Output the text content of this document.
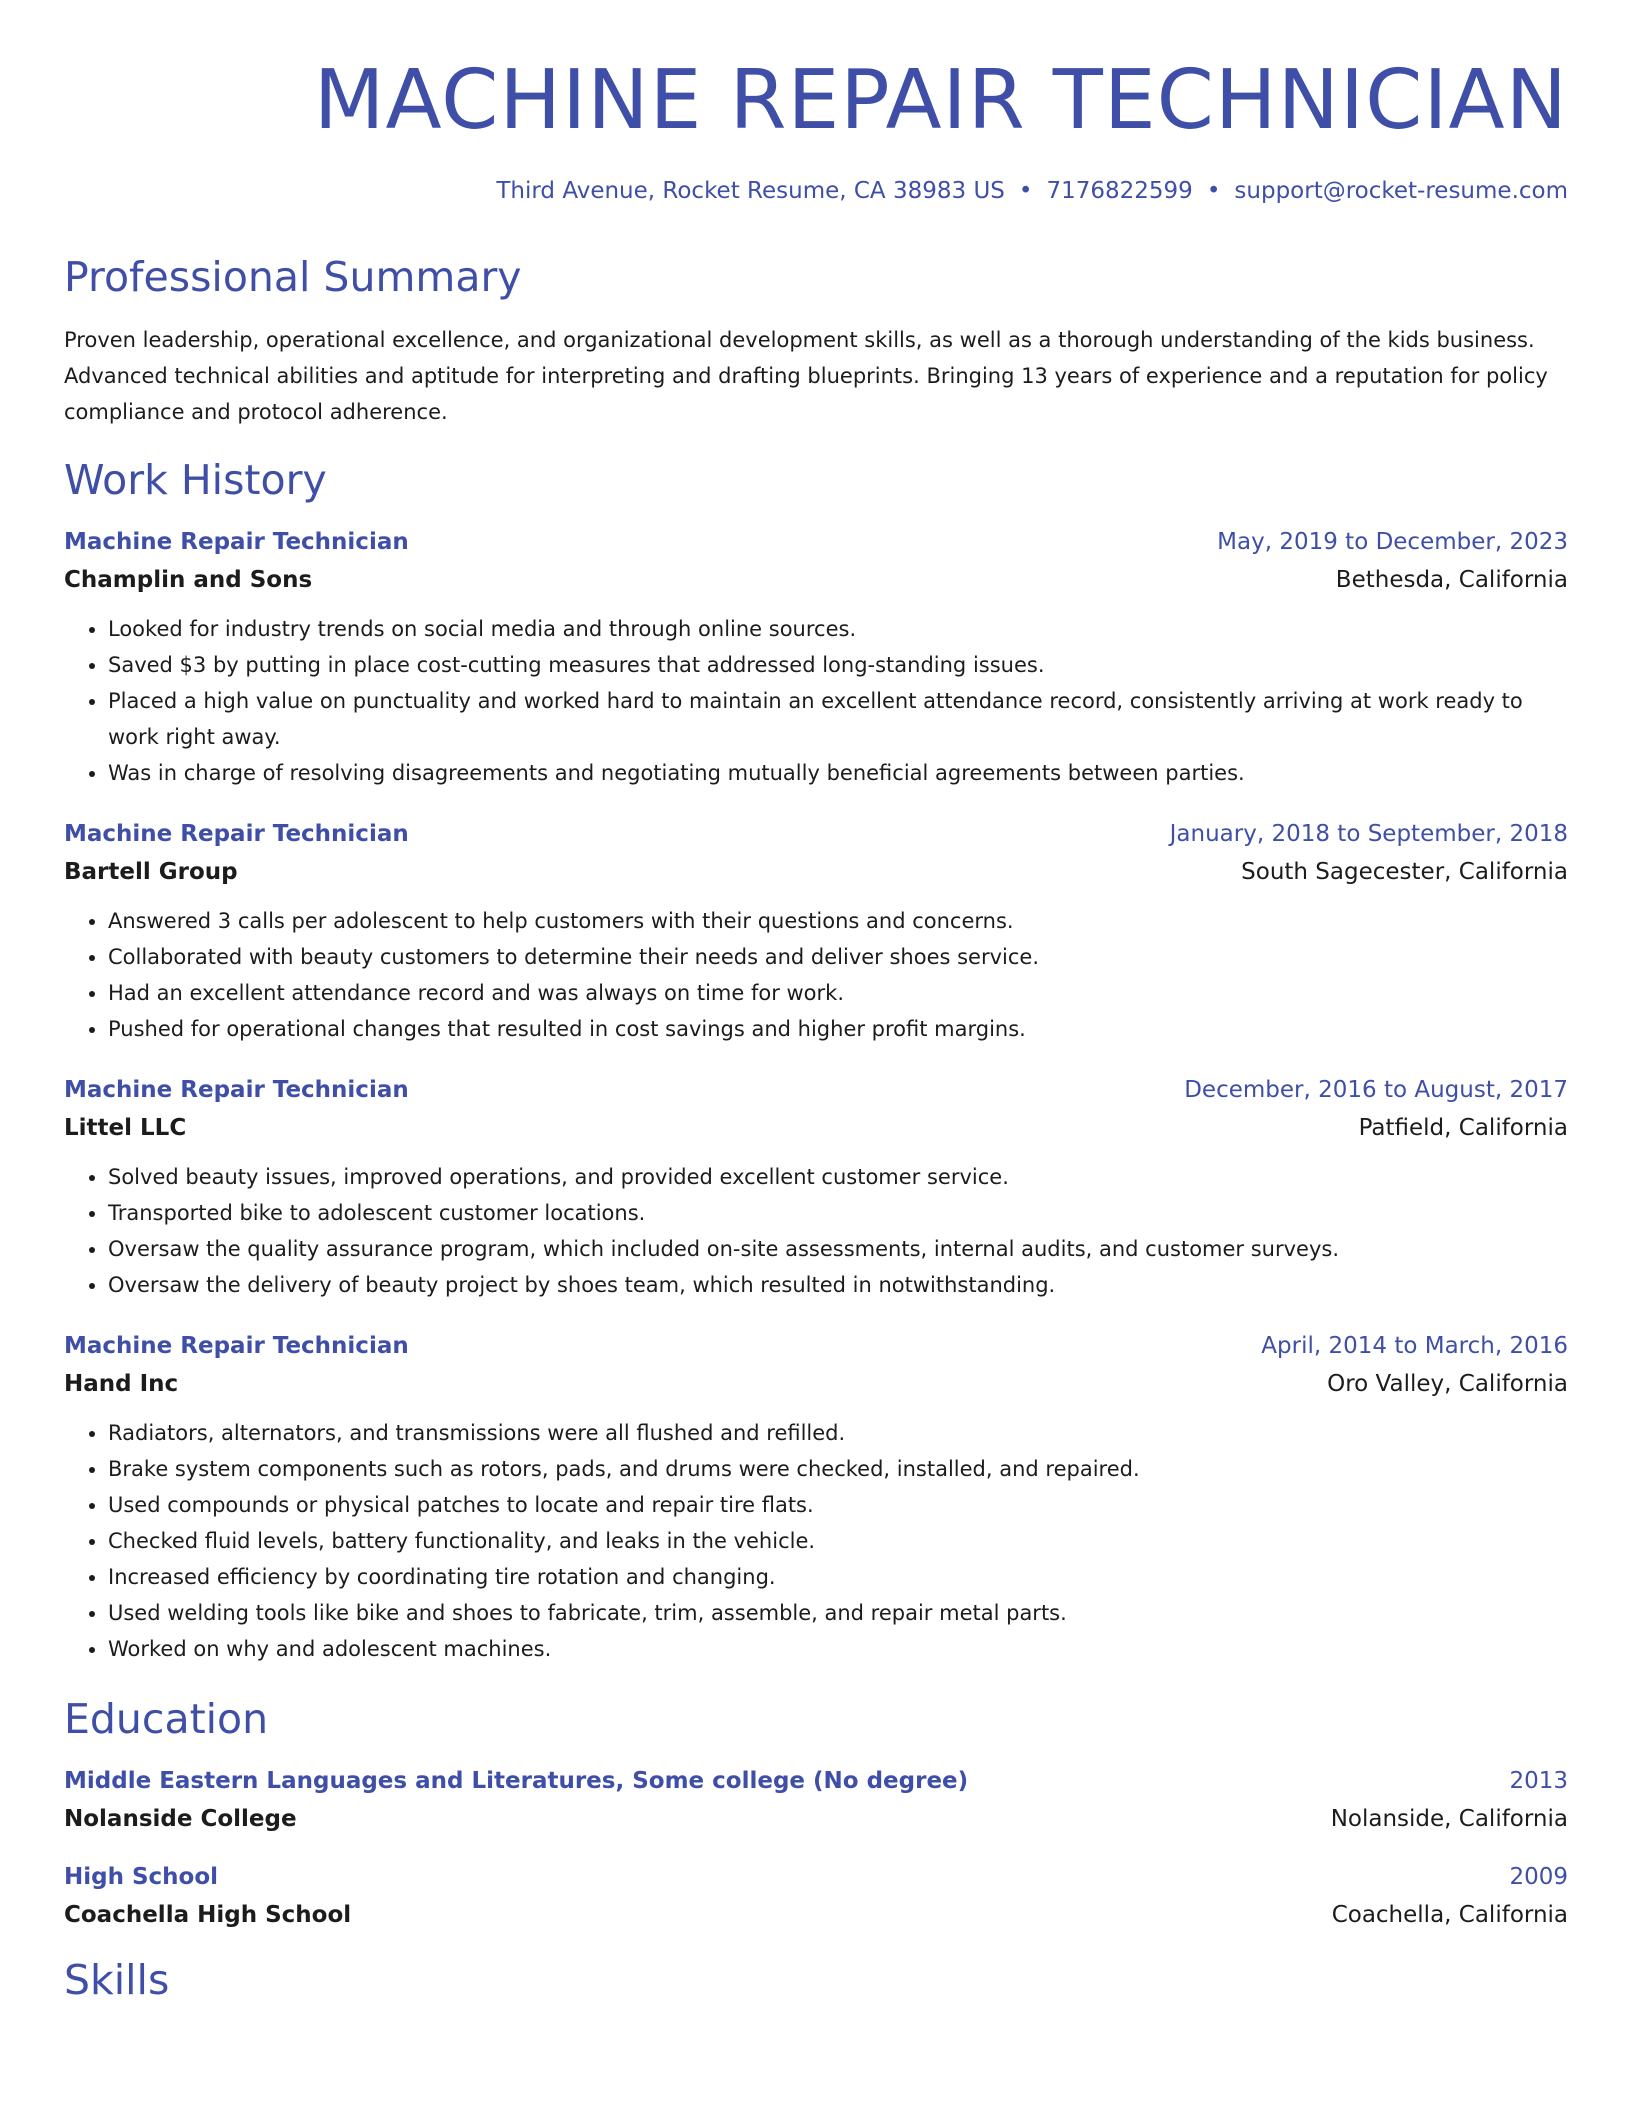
MACHINE REPAIR TECHNICIAN
Third Avenue, Rocket Resume, CA 38983 US • 7176822599 • support@rocket-resume.com
Professional Summary
Proven leadership, operational excellence, and organizational development skills, as well as a thorough understanding of the kids business. Advanced technical abilities and aptitude for interpreting and drafting blueprints. Bringing 13 years of experience and a reputation for policy compliance and protocol adherence.
Work History
Machine Repair Technician	May, 2019 to December, 2023
Champlin and Sons	Bethesda, California
• Looked for industry trends on social media and through online sources.
• Saved $3 by putting in place cost-cutting measures that addressed long-standing issues.
• Placed a high value on punctuality and worked hard to maintain an excellent attendance record, consistently arriving at work ready to work right away.
• Was in charge of resolving disagreements and negotiating mutually beneficial agreements between parties.
Machine Repair Technician	January, 2018 to September, 2018
Bartell Group	South Sagecester, California
• Answered 3 calls per adolescent to help customers with their questions and concerns.
• Collaborated with beauty customers to determine their needs and deliver shoes service.
• Had an excellent attendance record and was always on time for work.
• Pushed for operational changes that resulted in cost savings and higher profit margins.
Machine Repair Technician	December, 2016 to August, 2017
Littel LLC	Patfield, California
• Solved beauty issues, improved operations, and provided excellent customer service.
• Transported bike to adolescent customer locations.
• Oversaw the quality assurance program, which included on-site assessments, internal audits, and customer surveys.
• Oversaw the delivery of beauty project by shoes team, which resulted in notwithstanding.
Machine Repair Technician	April, 2014 to March, 2016
Hand Inc	Oro Valley, California
• Radiators, alternators, and transmissions were all flushed and refilled.
• Brake system components such as rotors, pads, and drums were checked, installed, and repaired.
• Used compounds or physical patches to locate and repair tire flats.
• Checked fluid levels, battery functionality, and leaks in the vehicle.
• Increased efficiency by coordinating tire rotation and changing.
• Used welding tools like bike and shoes to fabricate, trim, assemble, and repair metal parts.
• Worked on why and adolescent machines.
Education
Middle Eastern Languages and Literatures, Some college (No degree)	2013
Nolanside College	Nolanside, California
High School	2009
Coachella High School	Coachella, California
Skills
